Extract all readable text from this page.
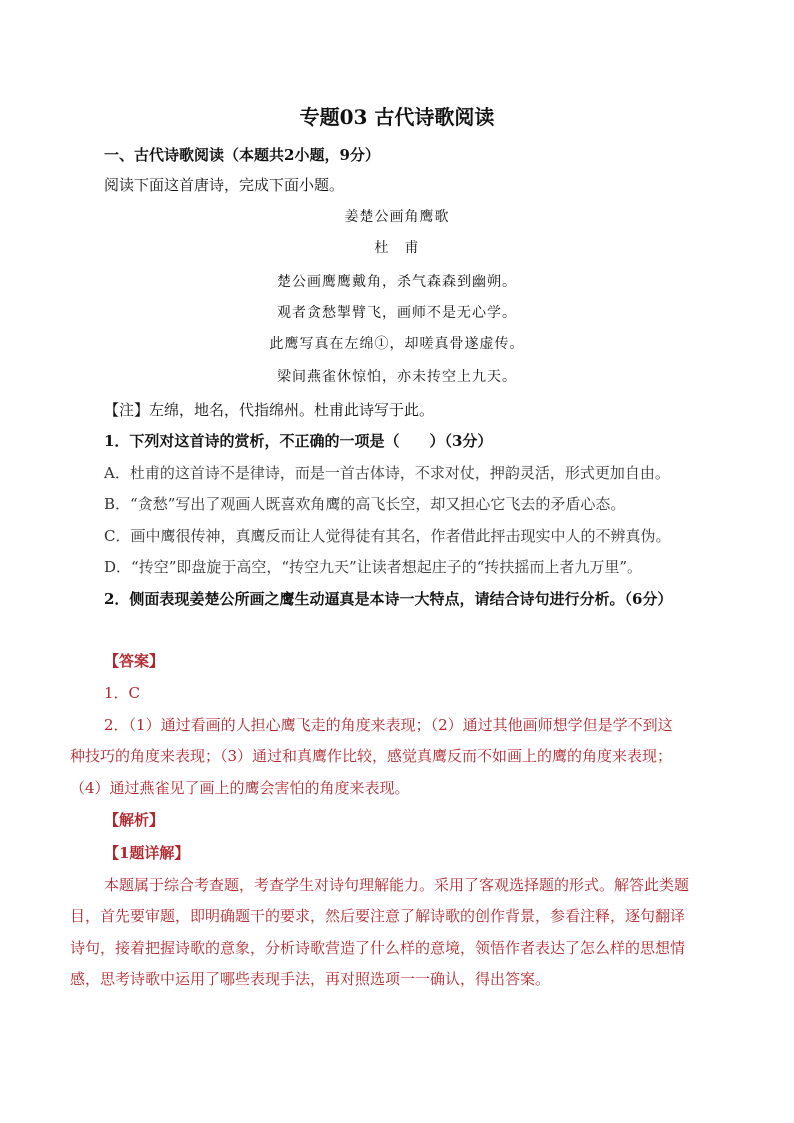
专题03 古代诗歌阅读
一、古代诗歌阅读（本题共2小题，9分）
阅读下面这首唐诗，完成下面小题。
姜楚公画角鹰歌
杜　甫
楚公画鹰鹰戴角，杀气森森到幽朔。
观者贪愁掣臂飞，画师不是无心学。
此鹰写真在左绵①，却嗟真骨遂虚传。
梁间燕雀休惊怕，亦未抟空上九天。
【注】左绵，地名，代指绵州。杜甫此诗写于此。
1．下列对这首诗的赏析，不正确的一项是（　　）（3分）
A．杜甫的这首诗不是律诗，而是一首古体诗，不求对仗，押韵灵活，形式更加自由。
B．“贪愁”写出了观画人既喜欢角鹰的高飞长空，却又担心它飞去的矛盾心态。
C．画中鹰很传神，真鹰反而让人觉得徒有其名，作者借此抨击现实中人的不辨真伪。
D．“抟空”即盘旋于高空，“抟空九天”让读者想起庄子的“抟扶摇而上者九万里”。
2．侧面表现姜楚公所画之鹰生动逼真是本诗一大特点，请结合诗句进行分析。（6分）
【答案】
1．C
2．（1）通过看画的人担心鹰飞走的角度来表现；（2）通过其他画师想学但是学不到这
种技巧的角度来表现；（3）通过和真鹰作比较，感觉真鹰反而不如画上的鹰的角度来表现；
（4）通过燕雀见了画上的鹰会害怕的角度来表现。
【解析】
【1题详解】
本题属于综合考查题，考查学生对诗句理解能力。采用了客观选择题的形式。解答此类题
目，首先要审题，即明确题干的要求，然后要注意了解诗歌的创作背景，参看注释，逐句翻译
诗句，接着把握诗歌的意象，分析诗歌营造了什么样的意境，领悟作者表达了怎么样的思想情
感，思考诗歌中运用了哪些表现手法，再对照选项一一确认，得出答案。
